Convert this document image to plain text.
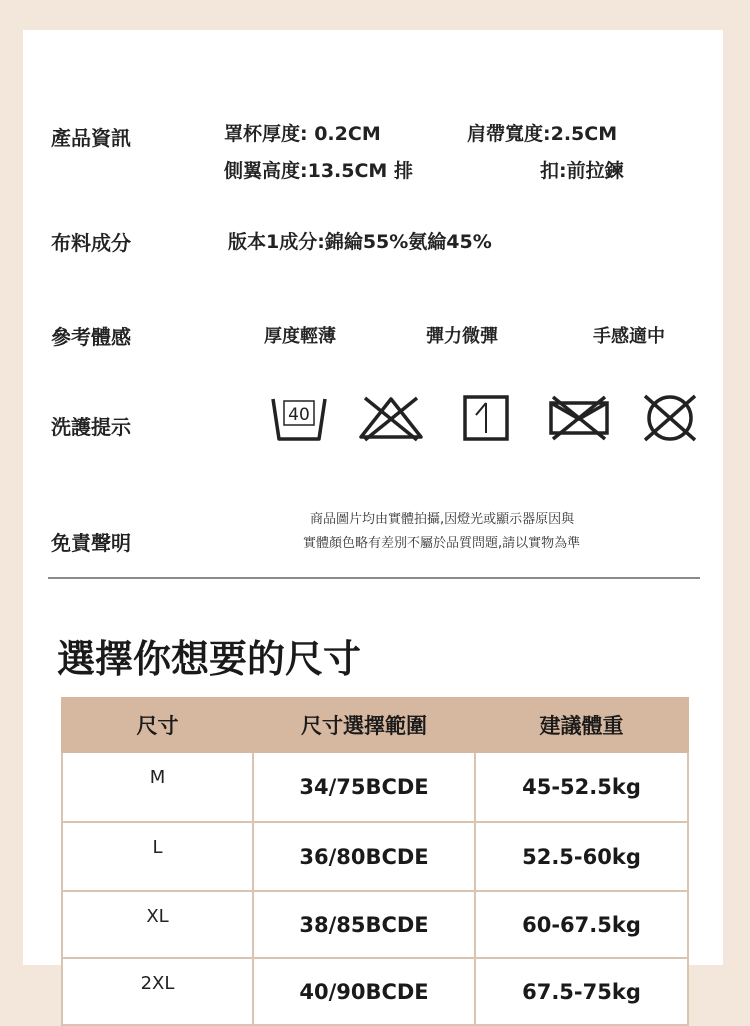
產品資訊	罩杯厚度: 0.2CM	肩帶寬度:2.5CM
側翼高度:13.5CM 排	扣:前拉鍊
布料成分	版本1成分:錦綸55%氨綸45%
參考體感	厚度輕薄	彈力微彈	手感適中
洗護提示	40
免責聲明
商品圖片均由實體拍攝,因燈光或顯示器原因與
實體顏色略有差別不屬於品質問題,請以實物為準
選擇你想要的尺寸
尺寸	尺寸選擇範圍	建議體重
M	34/75BCDE	45-52.5kg
L	36/80BCDE	52.5-60kg
XL	38/85BCDE	60-67.5kg
2XL	40/90BCDE	67.5-75kg
